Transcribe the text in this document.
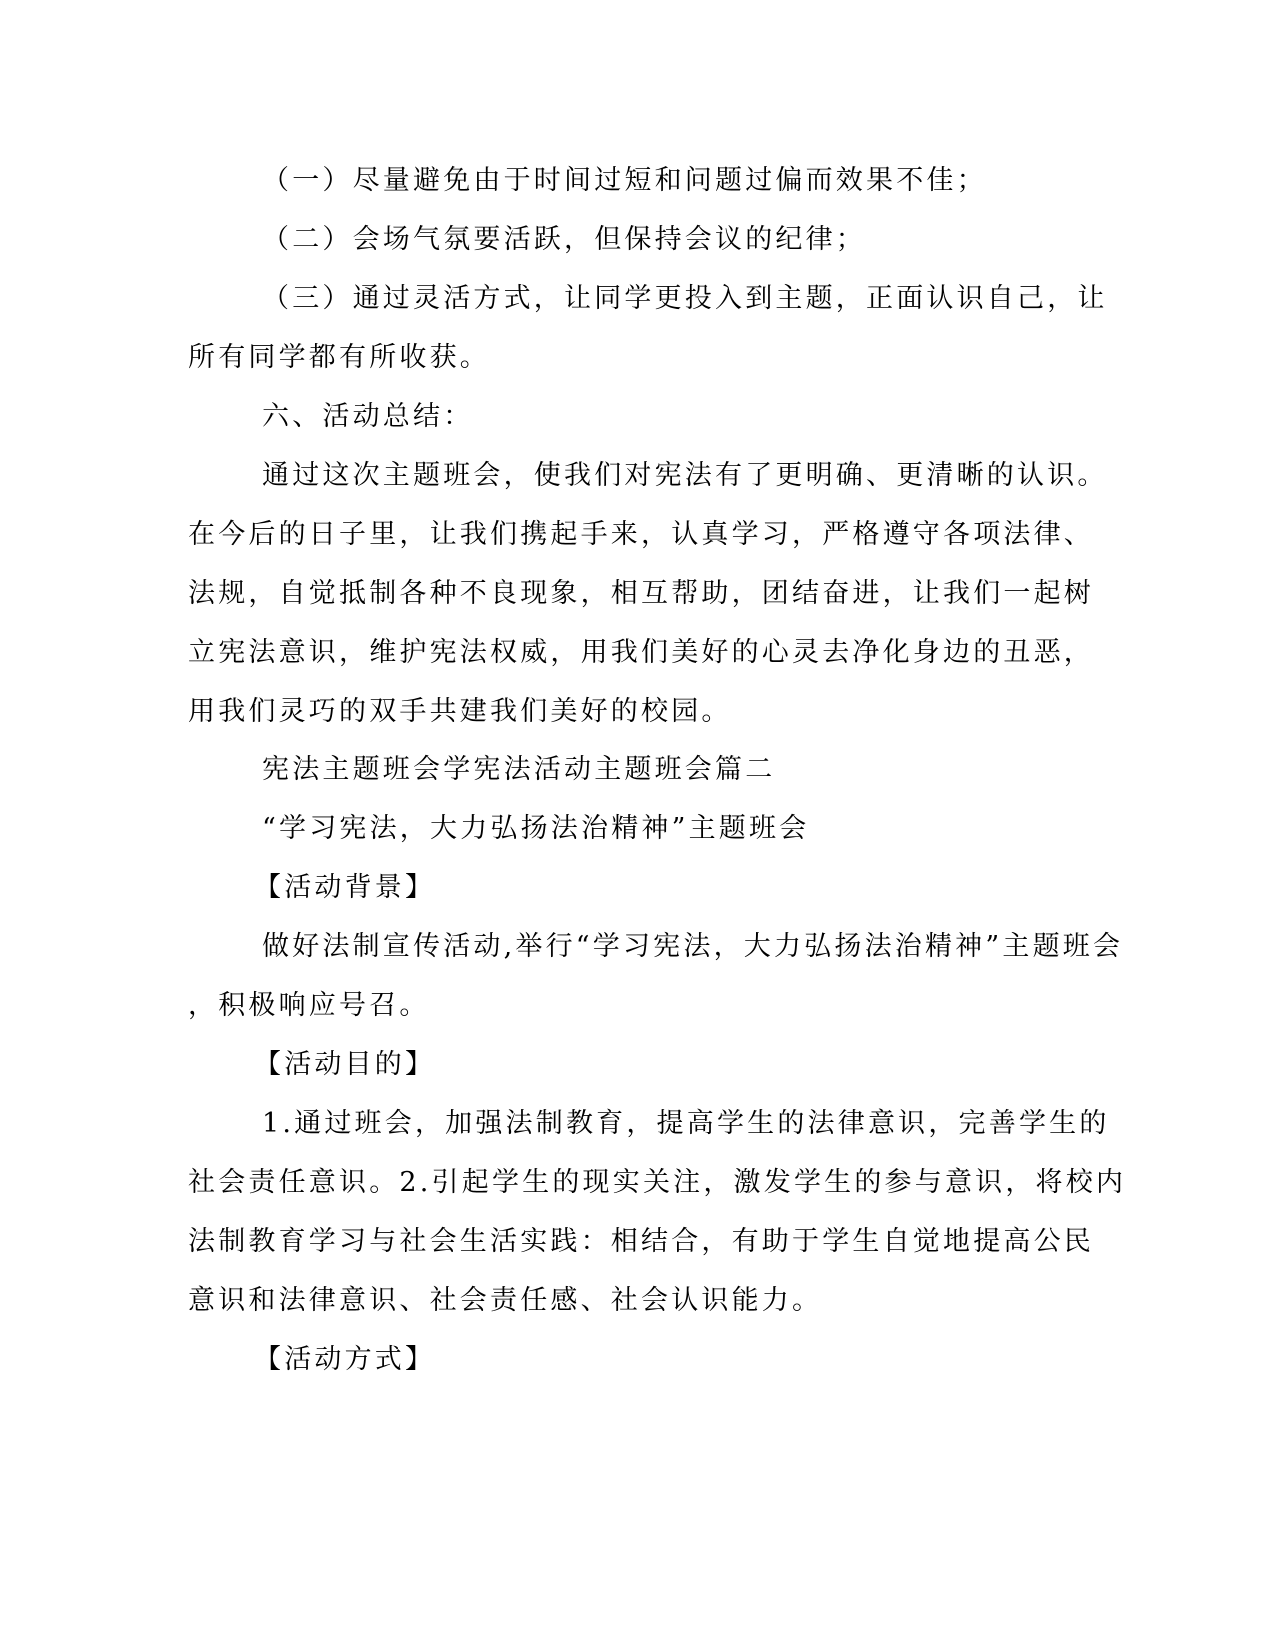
（一）尽量避免由于时间过短和问题过偏而效果不佳；
（二）会场气氛要活跃，但保持会议的纪律；
（三）通过灵活方式，让同学更投入到主题，正面认识自己，让
所有同学都有所收获。
六、活动总结：
通过这次主题班会，使我们对宪法有了更明确、更清晰的认识。
在今后的日子里，让我们携起手来，认真学习，严格遵守各项法律、
法规，自觉抵制各种不良现象，相互帮助，团结奋进，让我们一起树
立宪法意识，维护宪法权威，用我们美好的心灵去净化身边的丑恶，
用我们灵巧的双手共建我们美好的校园。
宪法主题班会学宪法活动主题班会篇二
“学习宪法，大力弘扬法治精神”主题班会
【活动背景】
做好法制宣传活动,举行“学习宪法，大力弘扬法治精神”主题班会
，积极响应号召。
【活动目的】
1.通过班会，加强法制教育，提高学生的法律意识，完善学生的
社会责任意识。2.引起学生的现实关注，激发学生的参与意识，将校内
法制教育学习与社会生活实践：相结合，有助于学生自觉地提高公民
意识和法律意识、社会责任感、社会认识能力。
【活动方式】
